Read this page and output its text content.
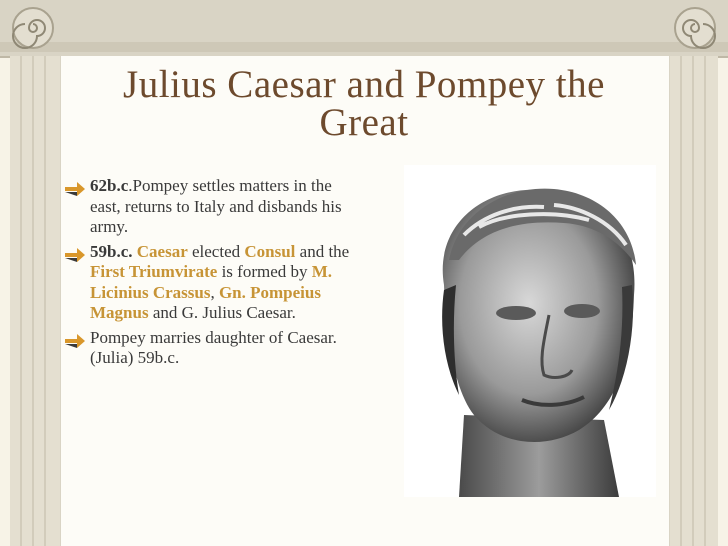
Julius Caesar and Pompey the
Great
62b.c.Pompey settles matters in the east, returns to Italy and disbands his army.
59b.c. Caesar elected Consul and the First Triumvirate is formed by M. Licinius Crassus, Gn. Pompeius Magnus and G. Julius Caesar.
Pompey marries daughter of Caesar. (Julia) 59b.c.
